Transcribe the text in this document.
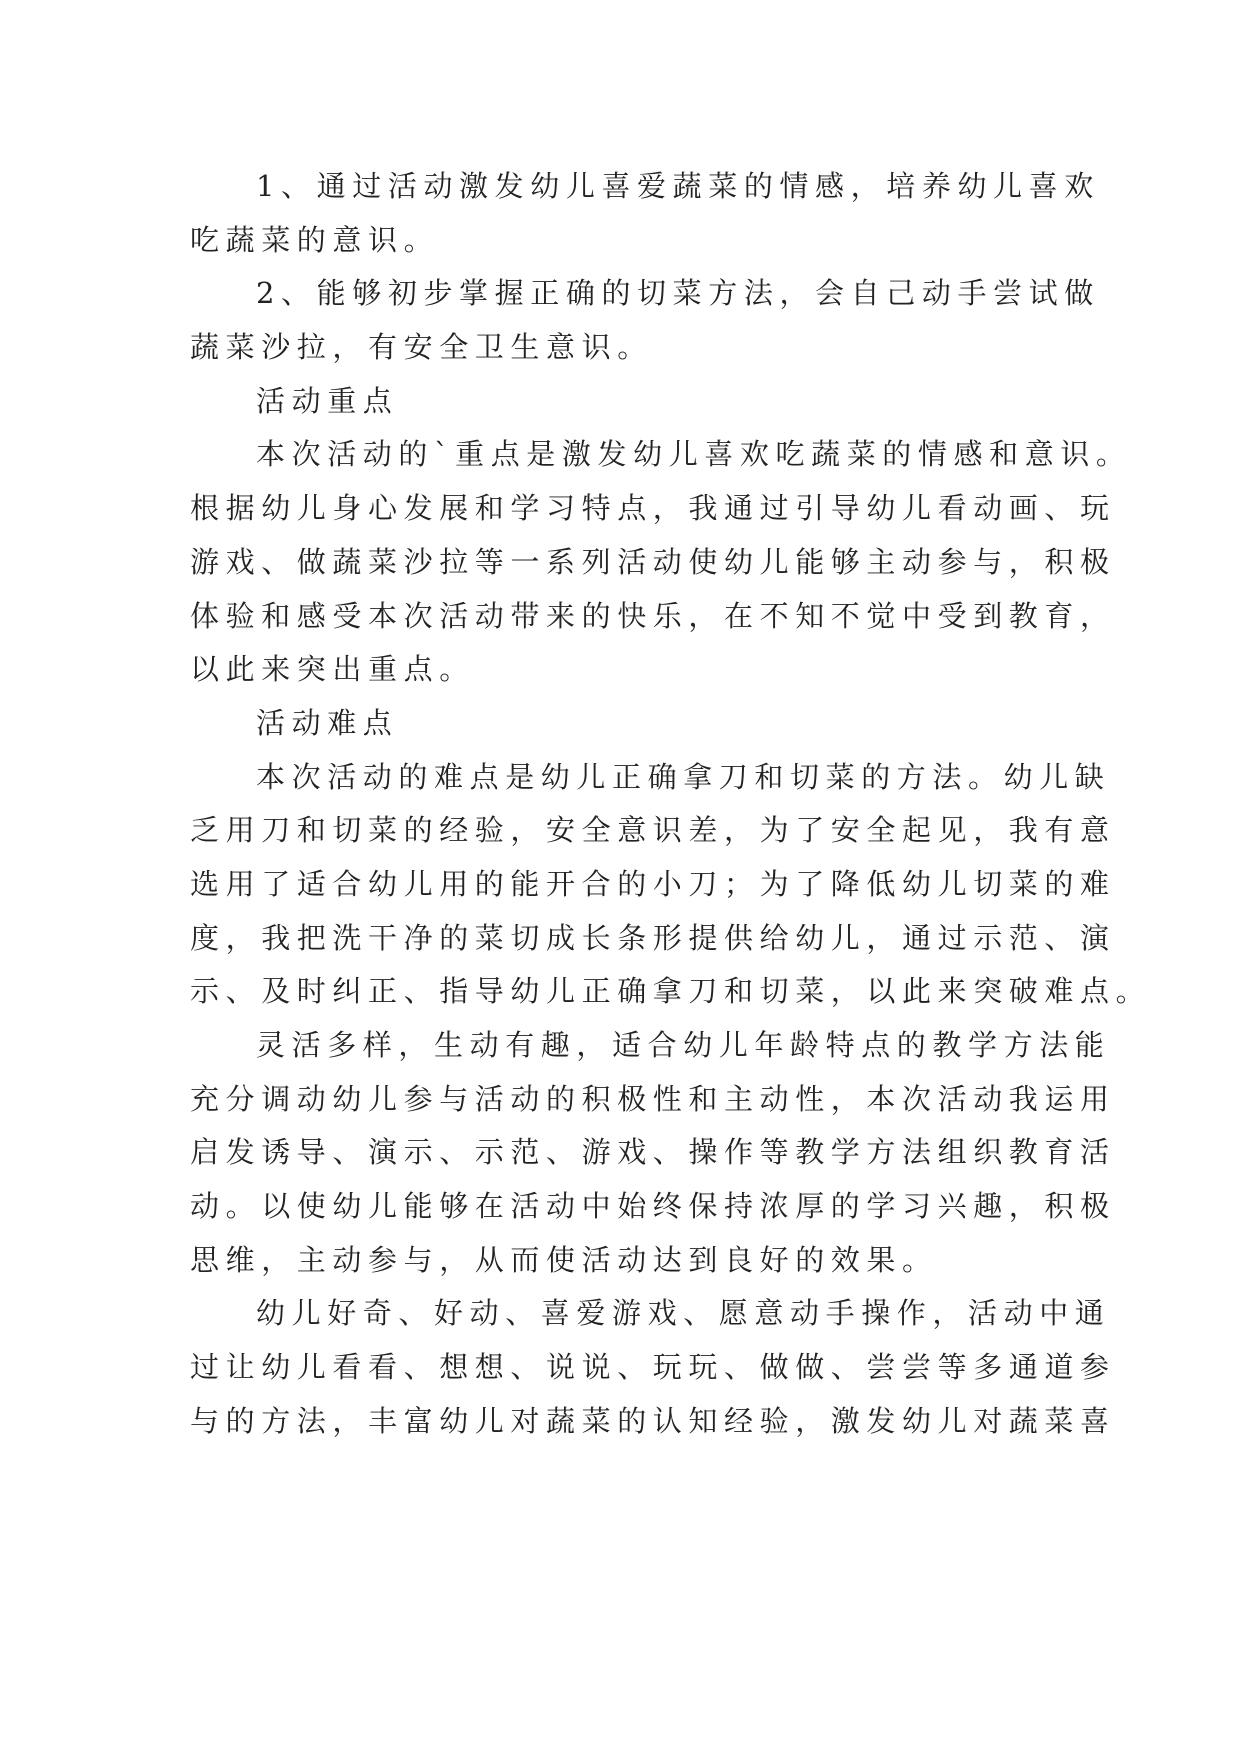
1、通过活动激发幼儿喜爱蔬菜的情感，培养幼儿喜欢
吃蔬菜的意识。
2、能够初步掌握正确的切菜方法，会自己动手尝试做
蔬菜沙拉，有安全卫生意识。
活动重点
本次活动的`重点是激发幼儿喜欢吃蔬菜的情感和意识。
根据幼儿身心发展和学习特点，我通过引导幼儿看动画、玩
游戏、做蔬菜沙拉等一系列活动使幼儿能够主动参与，积极
体验和感受本次活动带来的快乐，在不知不觉中受到教育，
以此来突出重点。
活动难点
本次活动的难点是幼儿正确拿刀和切菜的方法。幼儿缺
乏用刀和切菜的经验，安全意识差，为了安全起见，我有意
选用了适合幼儿用的能开合的小刀；为了降低幼儿切菜的难
度，我把洗干净的菜切成长条形提供给幼儿，通过示范、演
示、及时纠正、指导幼儿正确拿刀和切菜，以此来突破难点。
灵活多样，生动有趣，适合幼儿年龄特点的教学方法能
充分调动幼儿参与活动的积极性和主动性，本次活动我运用
启发诱导、演示、示范、游戏、操作等教学方法组织教育活
动。以使幼儿能够在活动中始终保持浓厚的学习兴趣，积极
思维，主动参与，从而使活动达到良好的效果。
幼儿好奇、好动、喜爱游戏、愿意动手操作，活动中通
过让幼儿看看、想想、说说、玩玩、做做、尝尝等多通道参
与的方法，丰富幼儿对蔬菜的认知经验，激发幼儿对蔬菜喜
